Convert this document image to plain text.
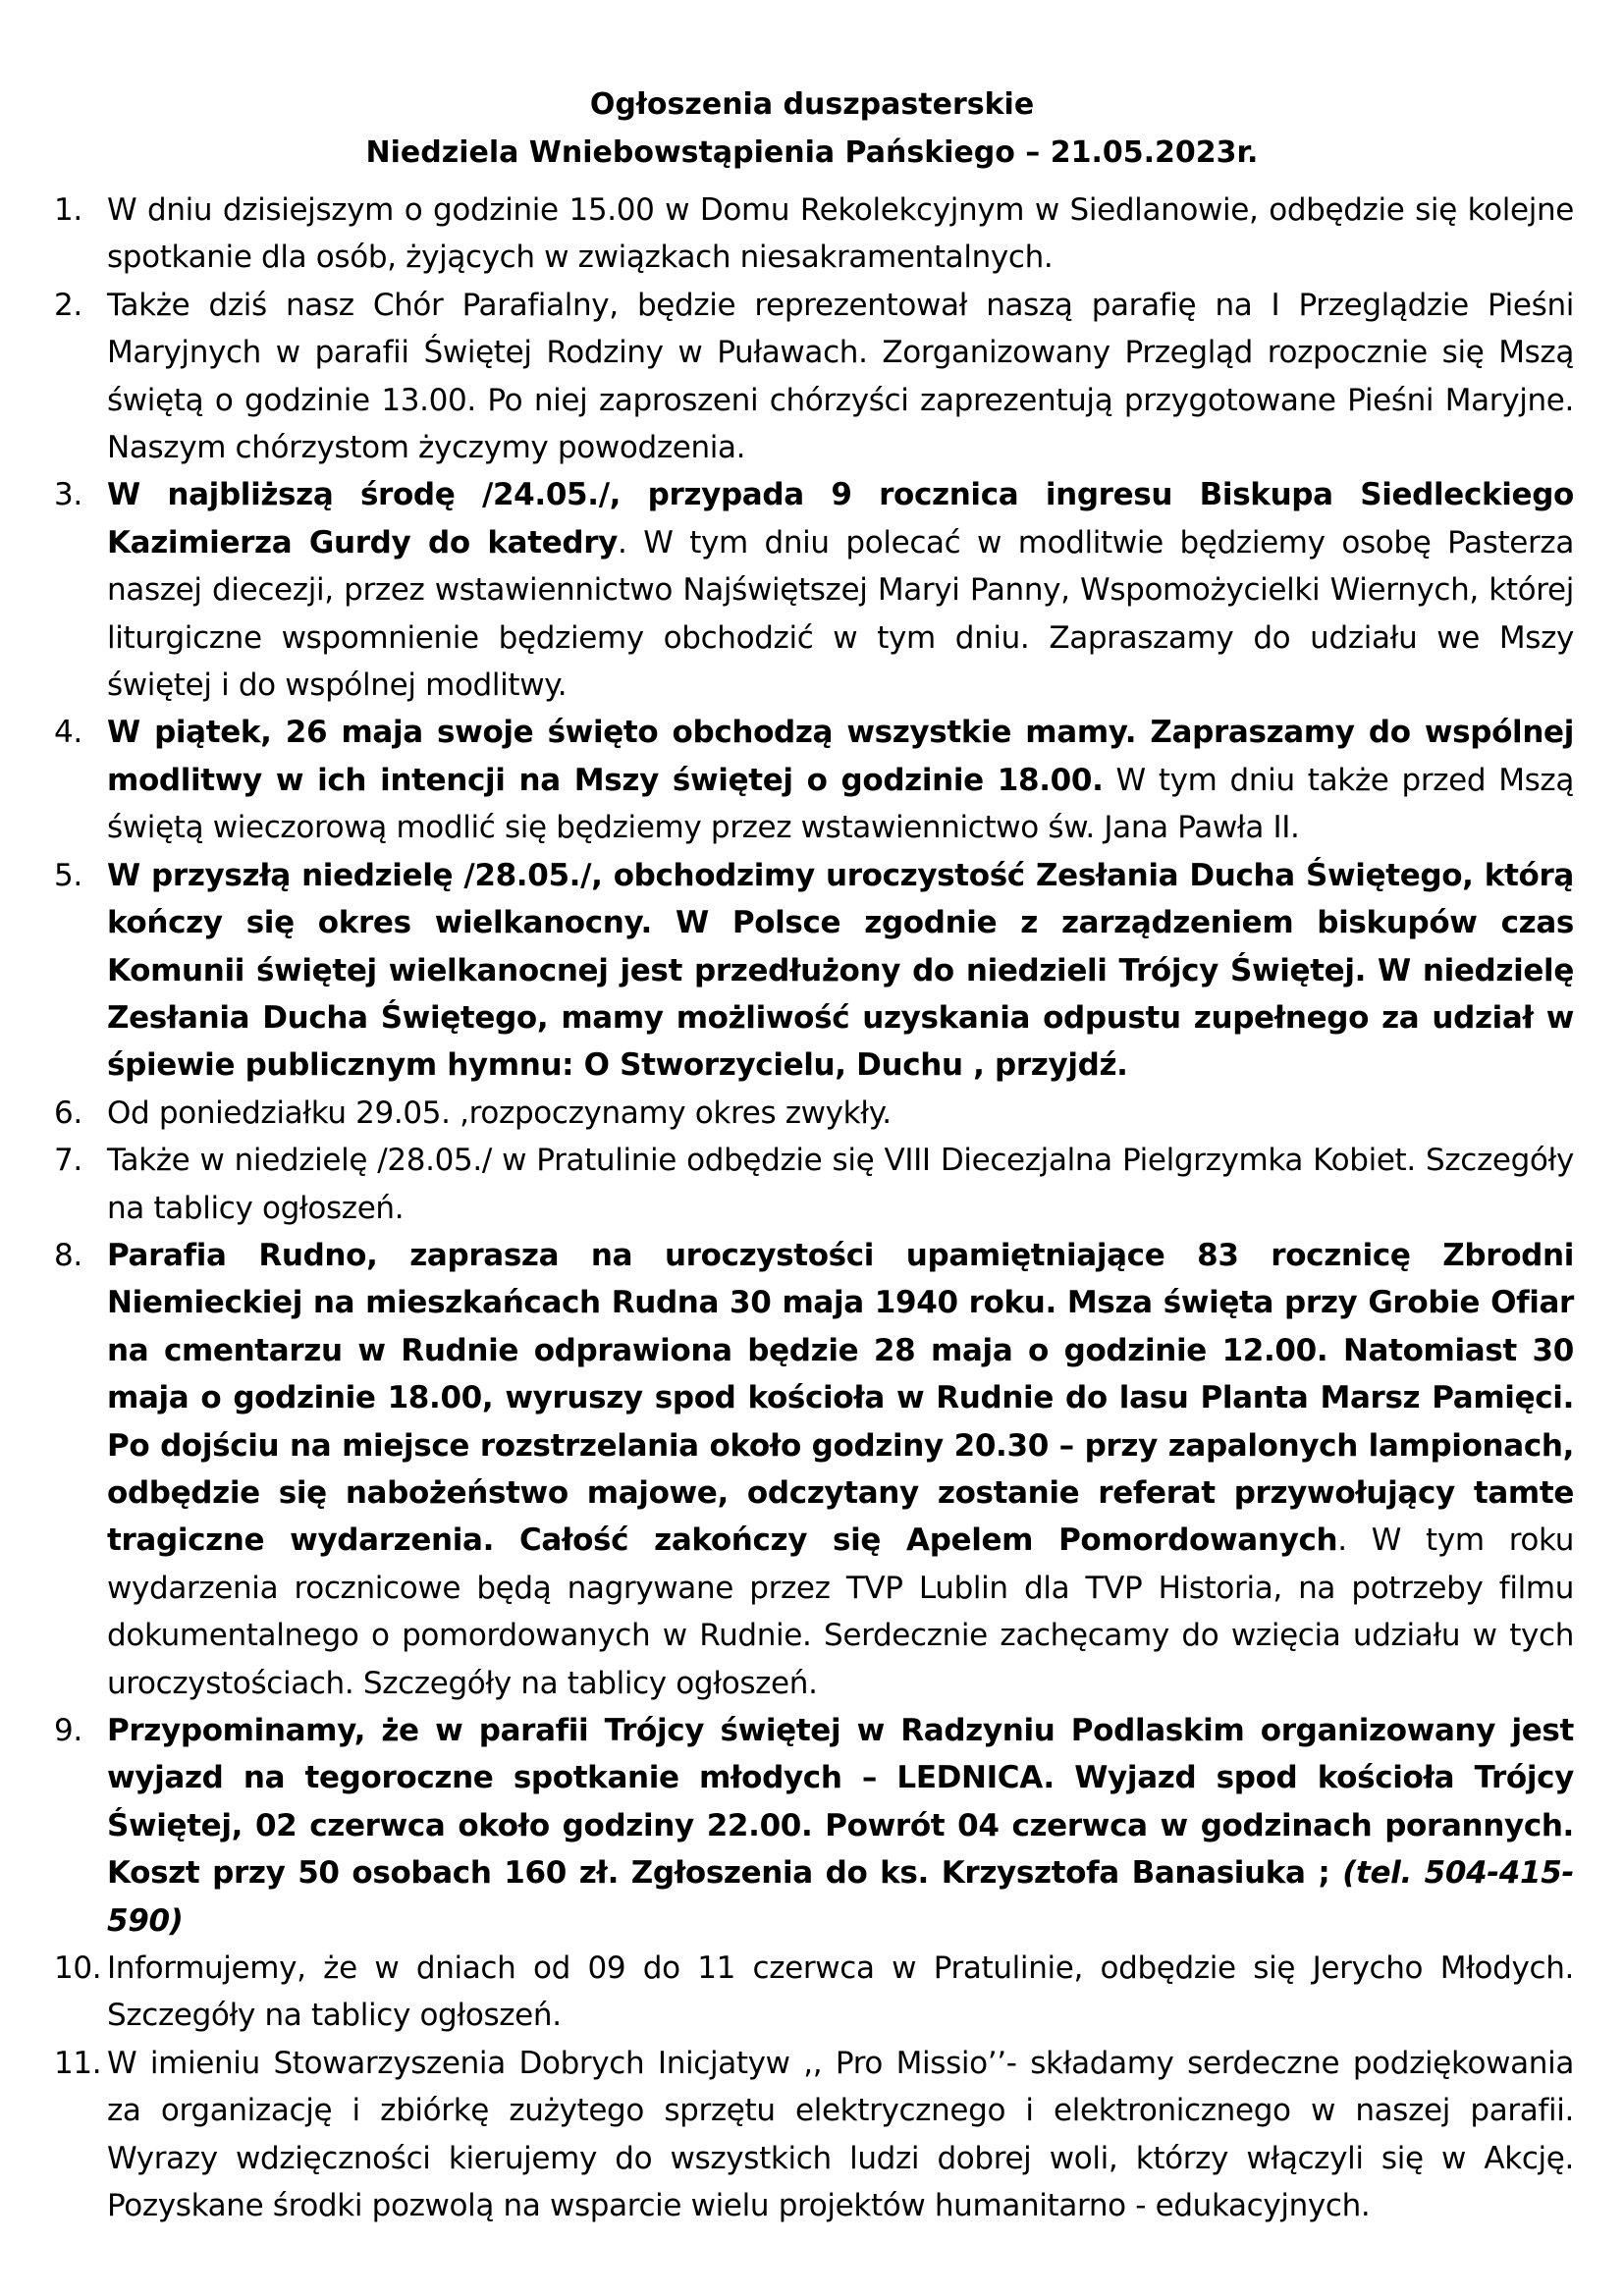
Ogłoszenia duszpasterskie
Niedziela Wniebowstąpienia Pańskiego – 21.05.2023r.
1. W dniu dzisiejszym o godzinie 15.00 w Domu Rekolekcyjnym w Siedlanowie, odbędzie się kolejne spotkanie dla osób, żyjących w związkach niesakramentalnych.
2. Także dziś nasz Chór Parafialny, będzie reprezentował naszą parafię na I Przeglądzie Pieśni Maryjnych w parafii Świętej Rodziny w Puławach. Zorganizowany Przegląd rozpocznie się Mszą świętą o godzinie 13.00. Po niej zaproszeni chórzyści zaprezentują przygotowane Pieśni Maryjne. Naszym chórzystom życzymy powodzenia.
3. W najbliższą środę /24.05./, przypada 9 rocznica ingresu Biskupa Siedleckiego Kazimierza Gurdy do katedry. W tym dniu polecać w modlitwie będziemy osobę Pasterza naszej diecezji, przez wstawiennictwo Najświętszej Maryi Panny, Wspomożycielki Wiernych, której liturgiczne wspomnienie będziemy obchodzić w tym dniu. Zapraszamy do udziału we Mszy świętej i do wspólnej modlitwy.
4. W piątek, 26 maja swoje święto obchodzą wszystkie mamy. Zapraszamy do wspólnej modlitwy w ich intencji na Mszy świętej o godzinie 18.00. W tym dniu także przed Mszą świętą wieczorową modlić się będziemy przez wstawiennictwo św. Jana Pawła II.
5. W przyszłą niedzielę /28.05./, obchodzimy uroczystość Zesłania Ducha Świętego, którą kończy się okres wielkanocny. W Polsce zgodnie z zarządzeniem biskupów czas Komunii świętej wielkanocnej jest przedłużony do niedzieli Trójcy Świętej. W niedzielę Zesłania Ducha Świętego, mamy możliwość uzyskania odpustu zupełnego za udział w śpiewie publicznym hymnu: O Stworzycielu, Duchu , przyjdź.
6. Od poniedziałku 29.05. ,rozpoczynamy okres zwykły.
7. Także w niedzielę /28.05./ w Pratulinie odbędzie się VIII Diecezjalna Pielgrzymka Kobiet. Szczegóły na tablicy ogłoszeń.
8. Parafia Rudno, zaprasza na uroczystości upamiętniające 83 rocznicę Zbrodni Niemieckiej na mieszkańcach Rudna 30 maja 1940 roku. Msza święta przy Grobie Ofiar na cmentarzu w Rudnie odprawiona będzie 28 maja o godzinie 12.00. Natomiast 30 maja o godzinie 18.00, wyruszy spod kościoła w Rudnie do lasu Planta Marsz Pamięci. Po dojściu na miejsce rozstrzelania około godziny 20.30 – przy zapalonych lampionach, odbędzie się nabożeństwo majowe, odczytany zostanie referat przywołujący tamte tragiczne wydarzenia. Całość zakończy się Apelem Pomordowanych. W tym roku wydarzenia rocznicowe będą nagrywane przez TVP Lublin dla TVP Historia, na potrzeby filmu dokumentalnego o pomordowanych w Rudnie. Serdecznie zachęcamy do wzięcia udziału w tych uroczystościach. Szczegóły na tablicy ogłoszeń.
9. Przypominamy, że w parafii Trójcy świętej w Radzyniu Podlaskim organizowany jest wyjazd na tegoroczne spotkanie młodych – LEDNICA. Wyjazd spod kościoła Trójcy Świętej, 02 czerwca około godziny 22.00. Powrót 04 czerwca w godzinach porannych. Koszt przy 50 osobach 160 zł. Zgłoszenia do ks. Krzysztofa Banasiuka ; (tel. 504-415-590)
10. Informujemy, że w dniach od 09 do 11 czerwca w Pratulinie, odbędzie się Jerycho Młodych. Szczegóły na tablicy ogłoszeń.
11. W imieniu Stowarzyszenia Dobrych Inicjatyw ,, Pro Missio’’- składamy serdeczne podziękowania za organizację i zbiórkę zużytego sprzętu elektrycznego i elektronicznego w naszej parafii. Wyrazy wdzięczności kierujemy do wszystkich ludzi dobrej woli, którzy włączyli się w Akcję. Pozyskane środki pozwolą na wsparcie wielu projektów humanitarno - edukacyjnych.
